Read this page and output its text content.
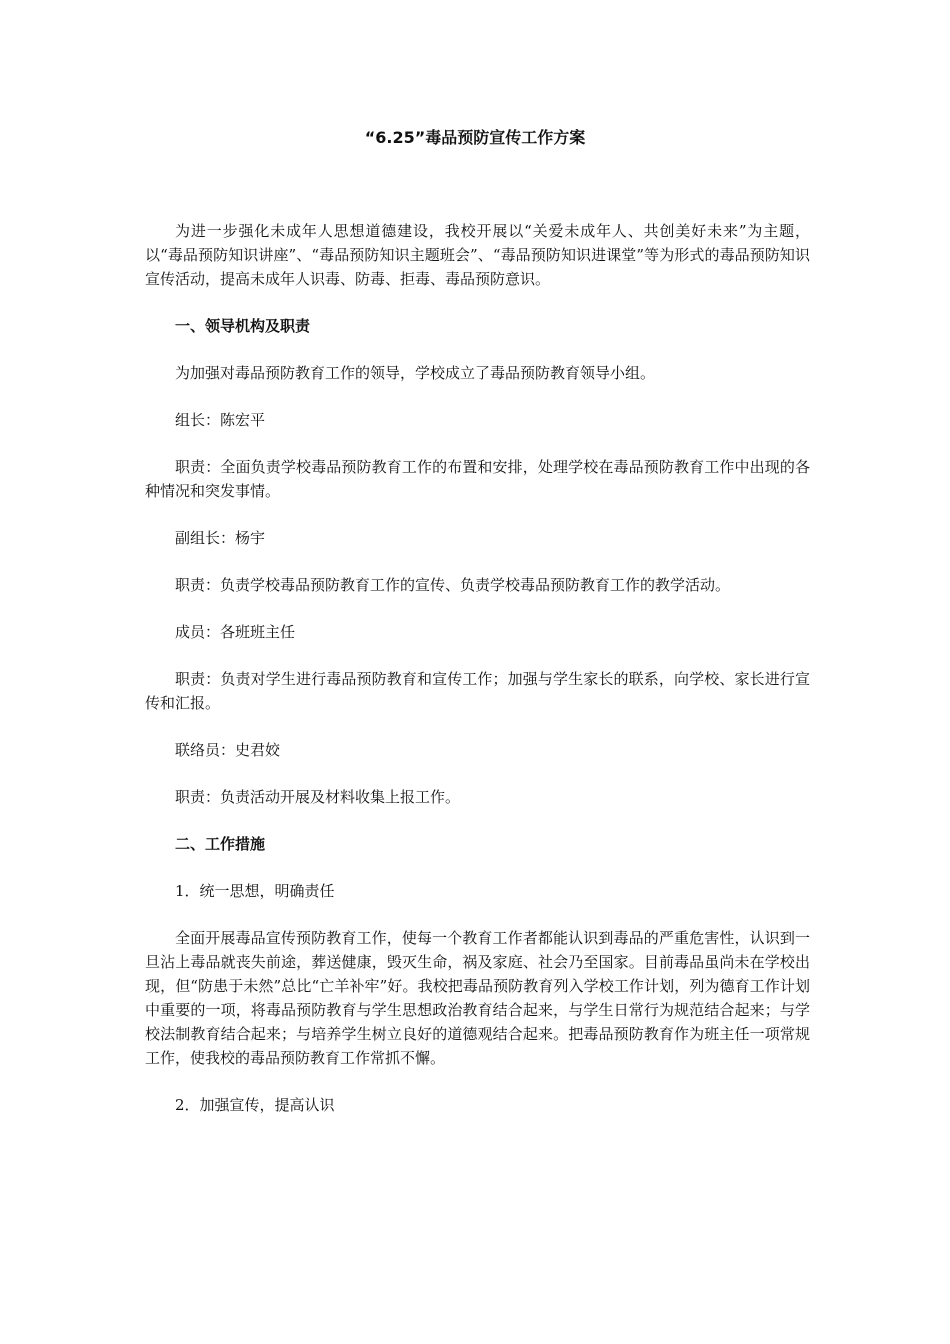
“6.25”毒品预防宣传工作方案

为进一步强化未成年人思想道德建设，我校开展以“关爱未成年人、共创美好未来”为主题，以“毒品预防知识讲座”、“毒品预防知识主题班会”、“毒品预防知识进课堂”等为形式的毒品预防知识宣传活动，提高未成年人识毒、防毒、拒毒、毒品预防意识。

一、领导机构及职责

为加强对毒品预防教育工作的领导，学校成立了毒品预防教育领导小组。

组长：陈宏平

职责：全面负责学校毒品预防教育工作的布置和安排，处理学校在毒品预防教育工作中出现的各种情况和突发事情。

副组长：杨宇

职责：负责学校毒品预防教育工作的宣传、负责学校毒品预防教育工作的教学活动。

成员：各班班主任

职责：负责对学生进行毒品预防教育和宣传工作；加强与学生家长的联系，向学校、家长进行宣传和汇报。

联络员：史君姣

职责：负责活动开展及材料收集上报工作。

二、工作措施

1．统一思想，明确责任

全面开展毒品宣传预防教育工作，使每一个教育工作者都能认识到毒品的严重危害性，认识到一旦沾上毒品就丧失前途，葬送健康，毁灭生命，祸及家庭、社会乃至国家。目前毒品虽尚未在学校出现，但“防患于未然”总比“亡羊补牢”好。我校把毒品预防教育列入学校工作计划，列为德育工作计划中重要的一项，将毒品预防教育与学生思想政治教育结合起来，与学生日常行为规范结合起来；与学校法制教育结合起来；与培养学生树立良好的道德观结合起来。把毒品预防教育作为班主任一项常规工作，使我校的毒品预防教育工作常抓不懈。

2．加强宣传，提高认识
